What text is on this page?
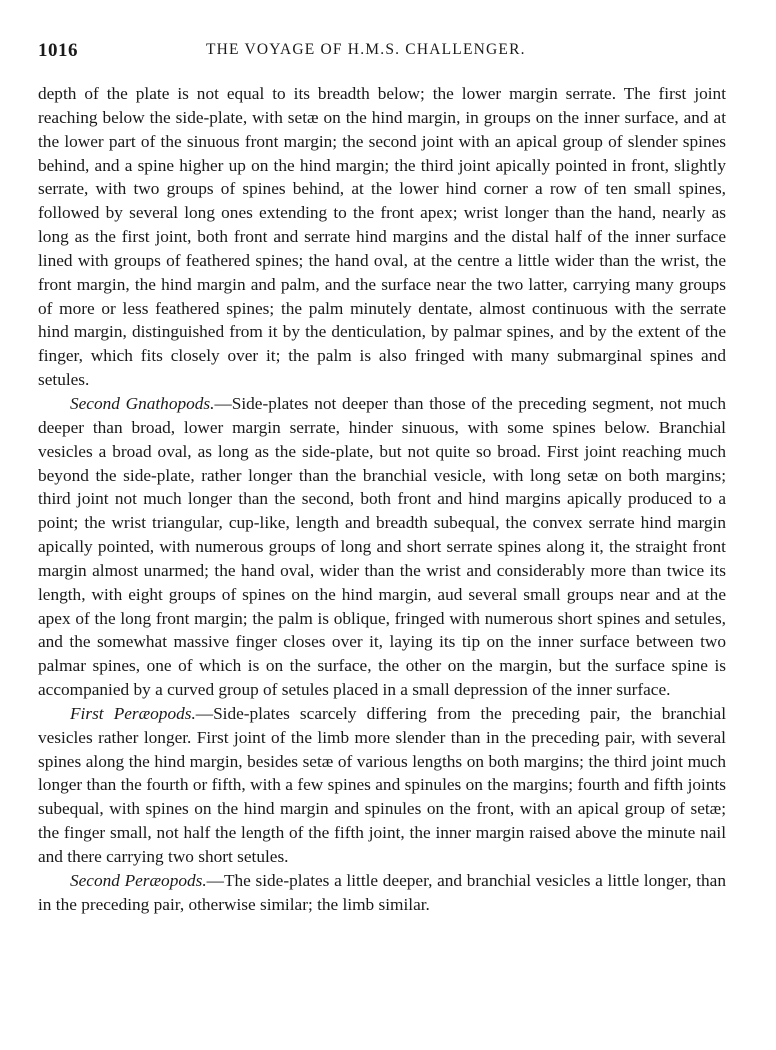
1016	THE VOYAGE OF H.M.S. CHALLENGER.

depth of the plate is not equal to its breadth below; the lower margin serrate. The first joint reaching below the side-plate, with setæ on the hind margin, in groups on the inner surface, and at the lower part of the sinuous front margin; the second joint with an apical group of slender spines behind, and a spine higher up on the hind margin; the third joint apically pointed in front, slightly serrate, with two groups of spines behind, at the lower hind corner a row of ten small spines, followed by several long ones extending to the front apex; wrist longer than the hand, nearly as long as the first joint, both front and serrate hind margins and the distal half of the inner surface lined with groups of feathered spines; the hand oval, at the centre a little wider than the wrist, the front margin, the hind margin and palm, and the surface near the two latter, carrying many groups of more or less feathered spines; the palm minutely dentate, almost continuous with the serrate hind margin, distinguished from it by the denticulation, by palmar spines, and by the extent of the finger, which fits closely over it; the palm is also fringed with many submarginal spines and setules.

Second Gnathopods.—Side-plates not deeper than those of the preceding segment, not much deeper than broad, lower margin serrate, hinder sinuous, with some spines below. Branchial vesicles a broad oval, as long as the side-plate, but not quite so broad. First joint reaching much beyond the side-plate, rather longer than the branchial vesicle, with long setæ on both margins; third joint not much longer than the second, both front and hind margins apically produced to a point; the wrist triangular, cup-like, length and breadth subequal, the convex serrate hind margin apically pointed, with numerous groups of long and short serrate spines along it, the straight front margin almost unarmed; the hand oval, wider than the wrist and considerably more than twice its length, with eight groups of spines on the hind margin, aud several small groups near and at the apex of the long front margin; the palm is oblique, fringed with numerous short spines and setules, and the somewhat massive finger closes over it, laying its tip on the inner surface between two palmar spines, one of which is on the surface, the other on the margin, but the surface spine is accompanied by a curved group of setules placed in a small depression of the inner surface.

First Peræopods.—Side-plates scarcely differing from the preceding pair, the branchial vesicles rather longer. First joint of the limb more slender than in the preceding pair, with several spines along the hind margin, besides setæ of various lengths on both margins; the third joint much longer than the fourth or fifth, with a few spines and spinules on the margins; fourth and fifth joints subequal, with spines on the hind margin and spinules on the front, with an apical group of setæ; the finger small, not half the length of the fifth joint, the inner margin raised above the minute nail and there carrying two short setules.

Second Peræopods.—The side-plates a little deeper, and branchial vesicles a little longer, than in the preceding pair, otherwise similar; the limb similar.
